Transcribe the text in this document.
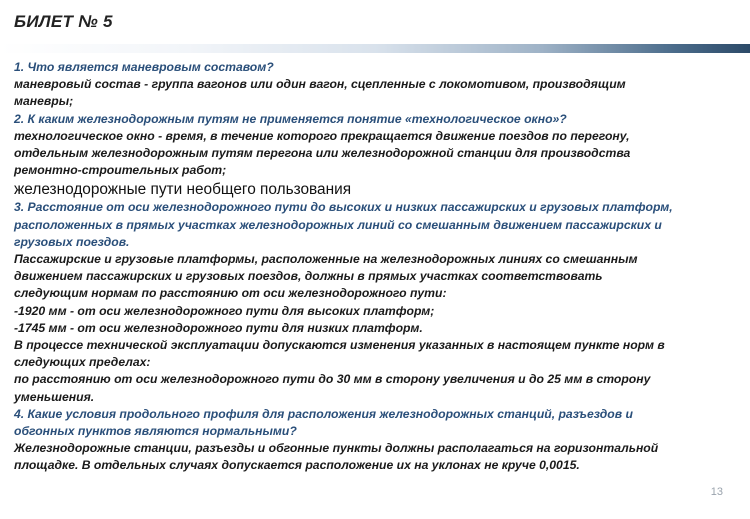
БИЛЕТ № 5

1. Что является маневровым составом?

маневровый состав - группа вагонов или один вагон, сцепленные с локомотивом, производящим

маневры;

2. К каким железнодорожным путям не применяется понятие «технологическое окно»?

технологическое окно - время, в течение которого прекращается движение поездов по перегону,

отдельным железнодорожным путям перегона или железнодорожной станции для производства

ремонтно-строительных работ;

железнодорожные пути необщего пользования

3. Расстояние от оси железнодорожного пути до высоких и низких пассажирских и грузовых платформ,

расположенных в прямых участках железнодорожных линий со смешанным движением пассажирских и

грузовых поездов.

Пассажирские и грузовые платформы, расположенные на железнодорожных линиях со смешанным

движением пассажирских и грузовых поездов, должны в прямых участках соответствовать

следующим нормам по расстоянию от оси железнодорожного пути:

-1920 мм - от оси железнодорожного пути для высоких платформ;

-1745 мм - от оси железнодорожного пути для низких платформ.

В процессе технической эксплуатации допускаются изменения указанных в настоящем пункте норм в

следующих пределах:

по расстоянию от оси железнодорожного пути до 30 мм в сторону увеличения и до 25 мм в сторону

уменьшения.

4. Какие условия продольного профиля для расположения железнодорожных станций, разъездов и

обгонных пунктов являются нормальными?

Железнодорожные станции, разъезды и обгонные пункты должны располагаться на горизонтальной

площадке. В отдельных случаях допускается расположение их на уклонах не круче 0,0015.

13
